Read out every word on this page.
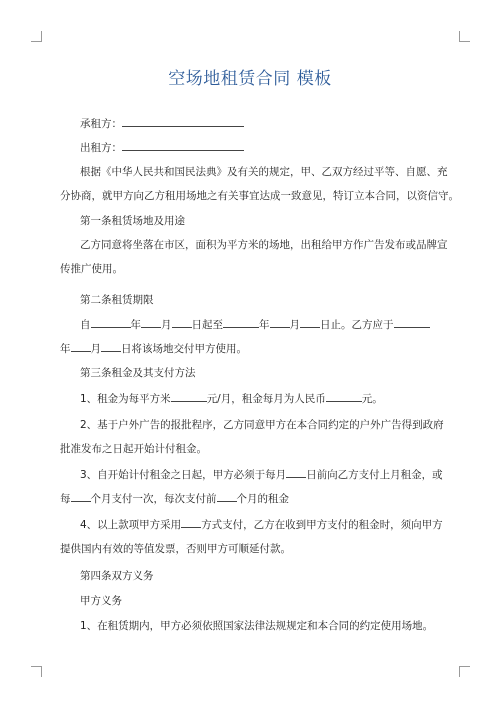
空场地租赁合同 模板
承租方：
出租方：
根据《中华人民共和国民法典》及有关的规定，甲、乙双方经过平等、自愿、充
分协商，就甲方向乙方租用场地之有关事宜达成一致意见，特订立本合同，以资信守。
第一条租赁场地及用途
乙方同意将坐落在市区，面积为平方米的场地，出租给甲方作广告发布或品牌宣
传推广使用。
第二条租赁期限
自	年 月 日起至	年 月 日止。乙方应于
年 月 日将该场地交付甲方使用。
第三条租金及其支付方法
1、租金为每平方米	元/月，租金每月为人民币	元。
2、基于户外广告的报批程序，乙方同意甲方在本合同约定的户外广告得到政府
批准发布之日起开始计付租金。
3、自开始计付租金之日起，甲方必须于每月 日前向乙方支付上月租金，或
每 个月支付一次，每次支付前 个月的租金
4、以上款项甲方采用 方式支付，乙方在收到甲方支付的租金时，须向甲方
提供国内有效的等值发票，否则甲方可顺延付款。
第四条双方义务
甲方义务
1、在租赁期内，甲方必须依照国家法律法规规定和本合同的约定使用场地。
